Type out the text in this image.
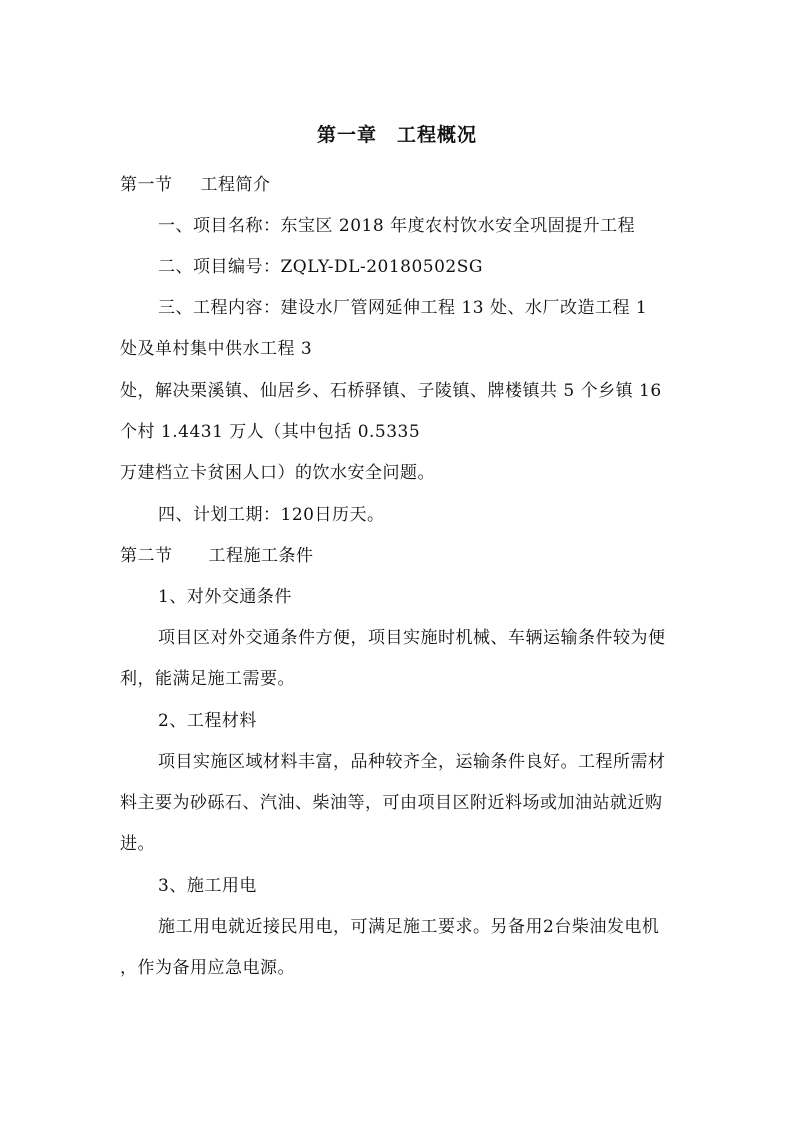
第一章　工程概况
第一节 工程简介
一、项目名称：东宝区 2018 年度农村饮水安全巩固提升工程
二、项目编号：ZQLY-DL-20180502SG
三、工程内容：建设水厂管网延伸工程 13 处、水厂改造工程 1
处及单村集中供水工程 3
处，解决栗溪镇、仙居乡、石桥驿镇、子陵镇、牌楼镇共 5 个乡镇 16
个村 1.4431 万人（其中包括 0.5335
万建档立卡贫困人口）的饮水安全问题。
四、计划工期：120日历天。
第二节 工程施工条件
1、对外交通条件
项目区对外交通条件方便，项目实施时机械、车辆运输条件较为便
利，能满足施工需要。
2、工程材料
项目实施区域材料丰富，品种较齐全，运输条件良好。工程所需材
料主要为砂砾石、汽油、柴油等，可由项目区附近料场或加油站就近购
进。
3、施工用电
施工用电就近接民用电，可满足施工要求。另备用2台柴油发电机
，作为备用应急电源。
